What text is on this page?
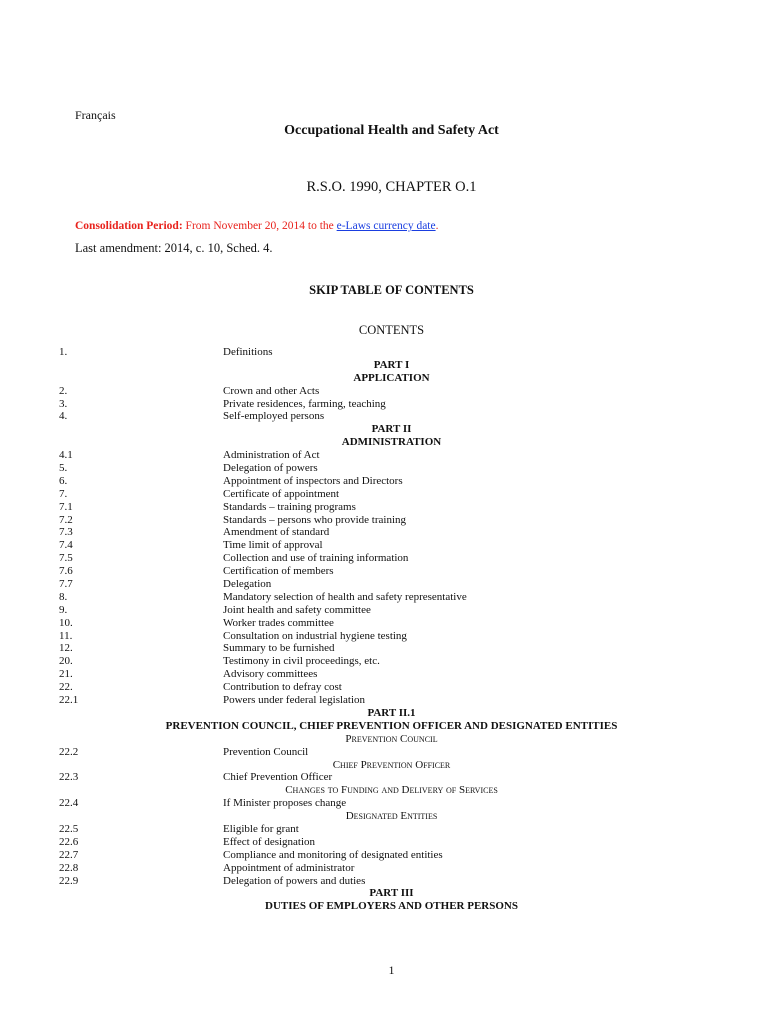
Français
Occupational Health and Safety Act
R.S.O. 1990, CHAPTER O.1
Consolidation Period: From November 20, 2014 to the e-Laws currency date.
Last amendment: 2014, c. 10, Sched. 4.
SKIP TABLE OF CONTENTS
CONTENTS
1.	Definitions
PART I
APPLICATION
2.	Crown and other Acts
3.	Private residences, farming, teaching
4.	Self-employed persons
PART II
ADMINISTRATION
4.1	Administration of Act
5.	Delegation of powers
6.	Appointment of inspectors and Directors
7.	Certificate of appointment
7.1	Standards – training programs
7.2	Standards – persons who provide training
7.3	Amendment of standard
7.4	Time limit of approval
7.5	Collection and use of training information
7.6	Certification of members
7.7	Delegation
8.	Mandatory selection of health and safety representative
9.	Joint health and safety committee
10.	Worker trades committee
11.	Consultation on industrial hygiene testing
12.	Summary to be furnished
20.	Testimony in civil proceedings, etc.
21.	Advisory committees
22.	Contribution to defray cost
22.1	Powers under federal legislation
PART II.1
PREVENTION COUNCIL, CHIEF PREVENTION OFFICER AND DESIGNATED ENTITIES
Prevention Council
22.2	Prevention Council
Chief Prevention Officer
22.3	Chief Prevention Officer
Changes to Funding and Delivery of Services
22.4	If Minister proposes change
Designated Entities
22.5	Eligible for grant
22.6	Effect of designation
22.7	Compliance and monitoring of designated entities
22.8	Appointment of administrator
22.9	Delegation of powers and duties
PART III
DUTIES OF EMPLOYERS AND OTHER PERSONS
1
